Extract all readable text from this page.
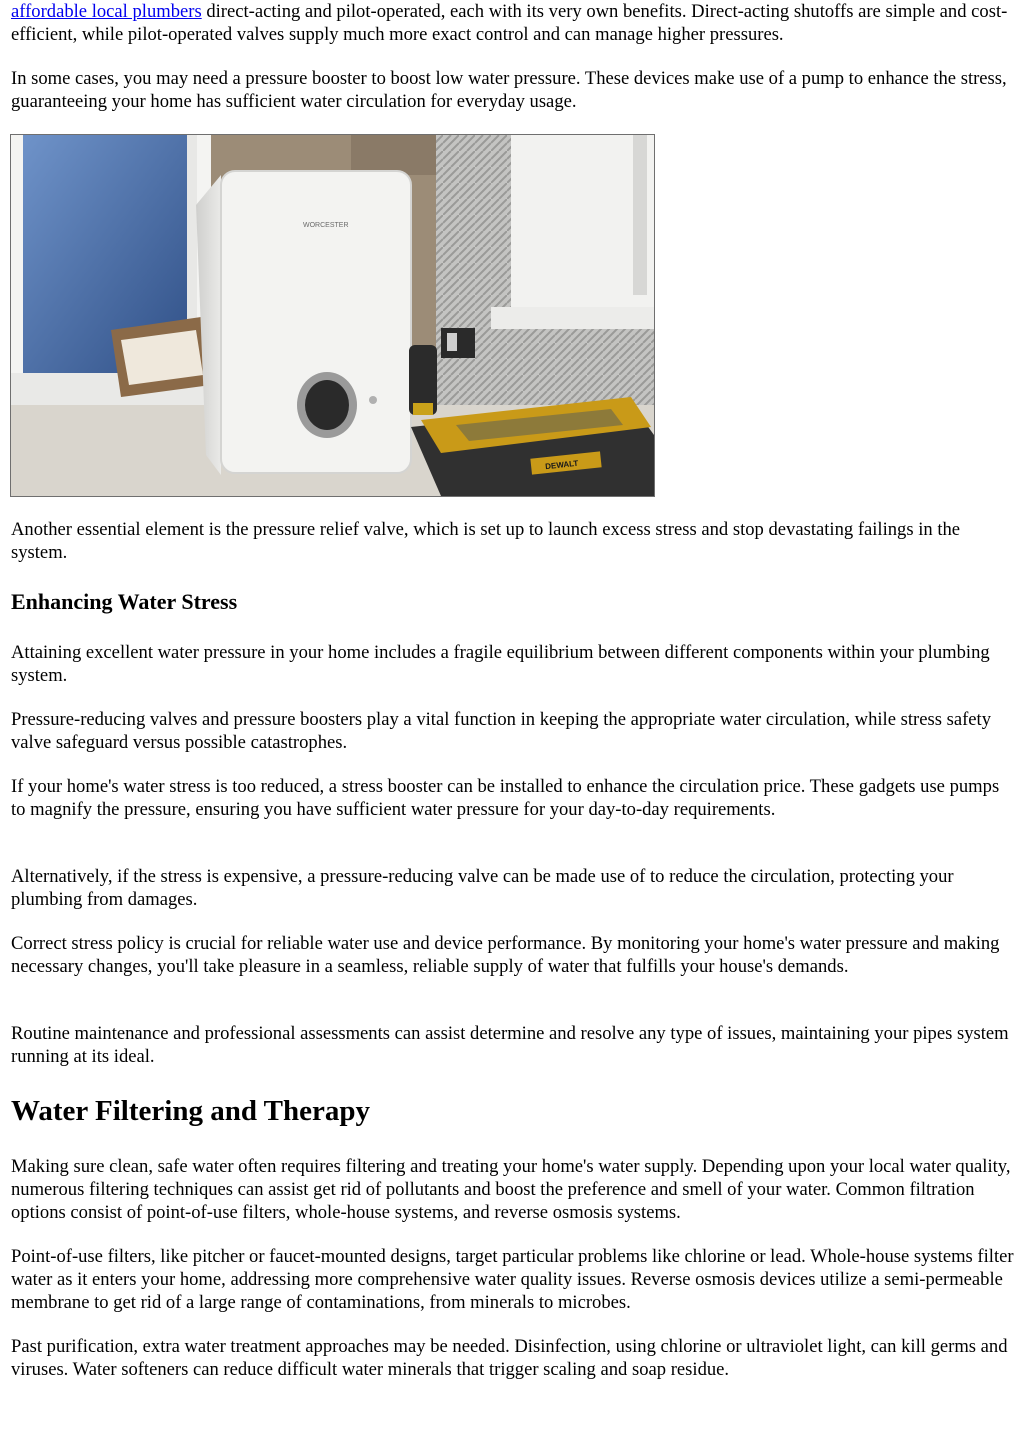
affordable local plumbers direct-acting and pilot-operated, each with its very own benefits. Direct-acting shutoffs are simple and cost-efficient, while pilot-operated valves supply much more exact control and can manage higher pressures.

In some cases, you may need a pressure booster to boost low water pressure. These devices make use of a pump to enhance the stress, guaranteeing your home has sufficient water circulation for everyday usage.

WORCESTER
DEWALT

Another essential element is the pressure relief valve, which is set up to launch excess stress and stop devastating failings in the system.

Enhancing Water Stress

Attaining excellent water pressure in your home includes a fragile equilibrium between different components within your plumbing system.

Pressure-reducing valves and pressure boosters play a vital function in keeping the appropriate water circulation, while stress safety valve safeguard versus possible catastrophes.

If your home's water stress is too reduced, a stress booster can be installed to enhance the circulation price. These gadgets use pumps to magnify the pressure, ensuring you have sufficient water pressure for your day-to-day requirements.

Alternatively, if the stress is expensive, a pressure-reducing valve can be made use of to reduce the circulation, protecting your plumbing from damages.

Correct stress policy is crucial for reliable water use and device performance. By monitoring your home's water pressure and making necessary changes, you'll take pleasure in a seamless, reliable supply of water that fulfills your house's demands.

Routine maintenance and professional assessments can assist determine and resolve any type of issues, maintaining your pipes system running at its ideal.

Water Filtering and Therapy

Making sure clean, safe water often requires filtering and treating your home's water supply. Depending upon your local water quality, numerous filtering techniques can assist get rid of pollutants and boost the preference and smell of your water. Common filtration options consist of point-of-use filters, whole-house systems, and reverse osmosis systems.

Point-of-use filters, like pitcher or faucet-mounted designs, target particular problems like chlorine or lead. Whole-house systems filter water as it enters your home, addressing more comprehensive water quality issues. Reverse osmosis devices utilize a semi-permeable membrane to get rid of a large range of contaminations, from minerals to microbes.

Past purification, extra water treatment approaches may be needed. Disinfection, using chlorine or ultraviolet light, can kill germs and viruses. Water softeners can reduce difficult water minerals that trigger scaling and soap residue.
